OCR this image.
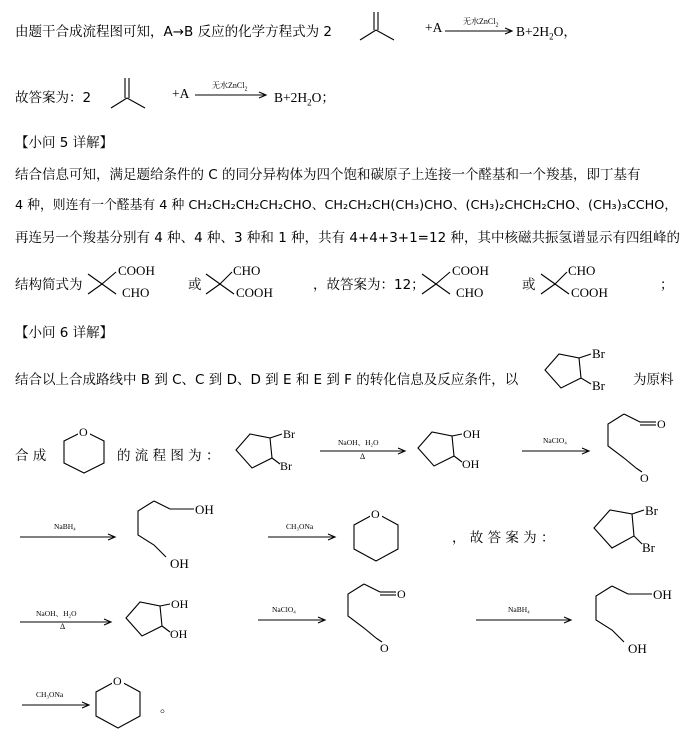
由题干合成流程图可知，A→B 反应的化学方程式为 2	+A	无水ZnCl$_2$ $B+2H_2O$，
故答案为：2	+A
无水ZnCl$_2$
$B+2H_2O$；
【小问 5 详解】
结合信息可知，满足题给条件的 C 的同分异构体为四个饱和碳原子上连接一个醛基和一个羧基，即丁基有
4 种，则连有一个醛基有 4 种 CH₂CH₂CH₂CH₂CHO、CH₂CH₂CH(CH₃)CHO、(CH₃)₂CHCH₂CHO、(CH₃)₃CCHO，
再连另一个羧基分别有 4 种、4 种、3 种和 1 种，共有 4+4+3+1=12 种，其中核磁共振氢谱显示有四组峰的
结构简式为
COOH
CHO	或
CHO
COOH	，故答案为：12；
COOH
CHO	或
CHO
COOH	；
【小问 6 详解】
结合以上合成路线中 B 到 C、C 到 D、D 到 E 和 E 到 F 的转化信息及反应条件，以
Br
Br 为原料
合 成
O
的 流 程 图 为 ：
Br
Br
NaOH、H₂O
Δ
OH
OH
NaClO₄
O
O
NaBH₄
OH
OH
CH₃ONa
O
， 故 答 案 为 ：
Br
Br
NaOH、H₂O
Δ
OH
OH
NaClO₄
O
O
NaBH₄
OH
OH
CH₃ONa
O
。
